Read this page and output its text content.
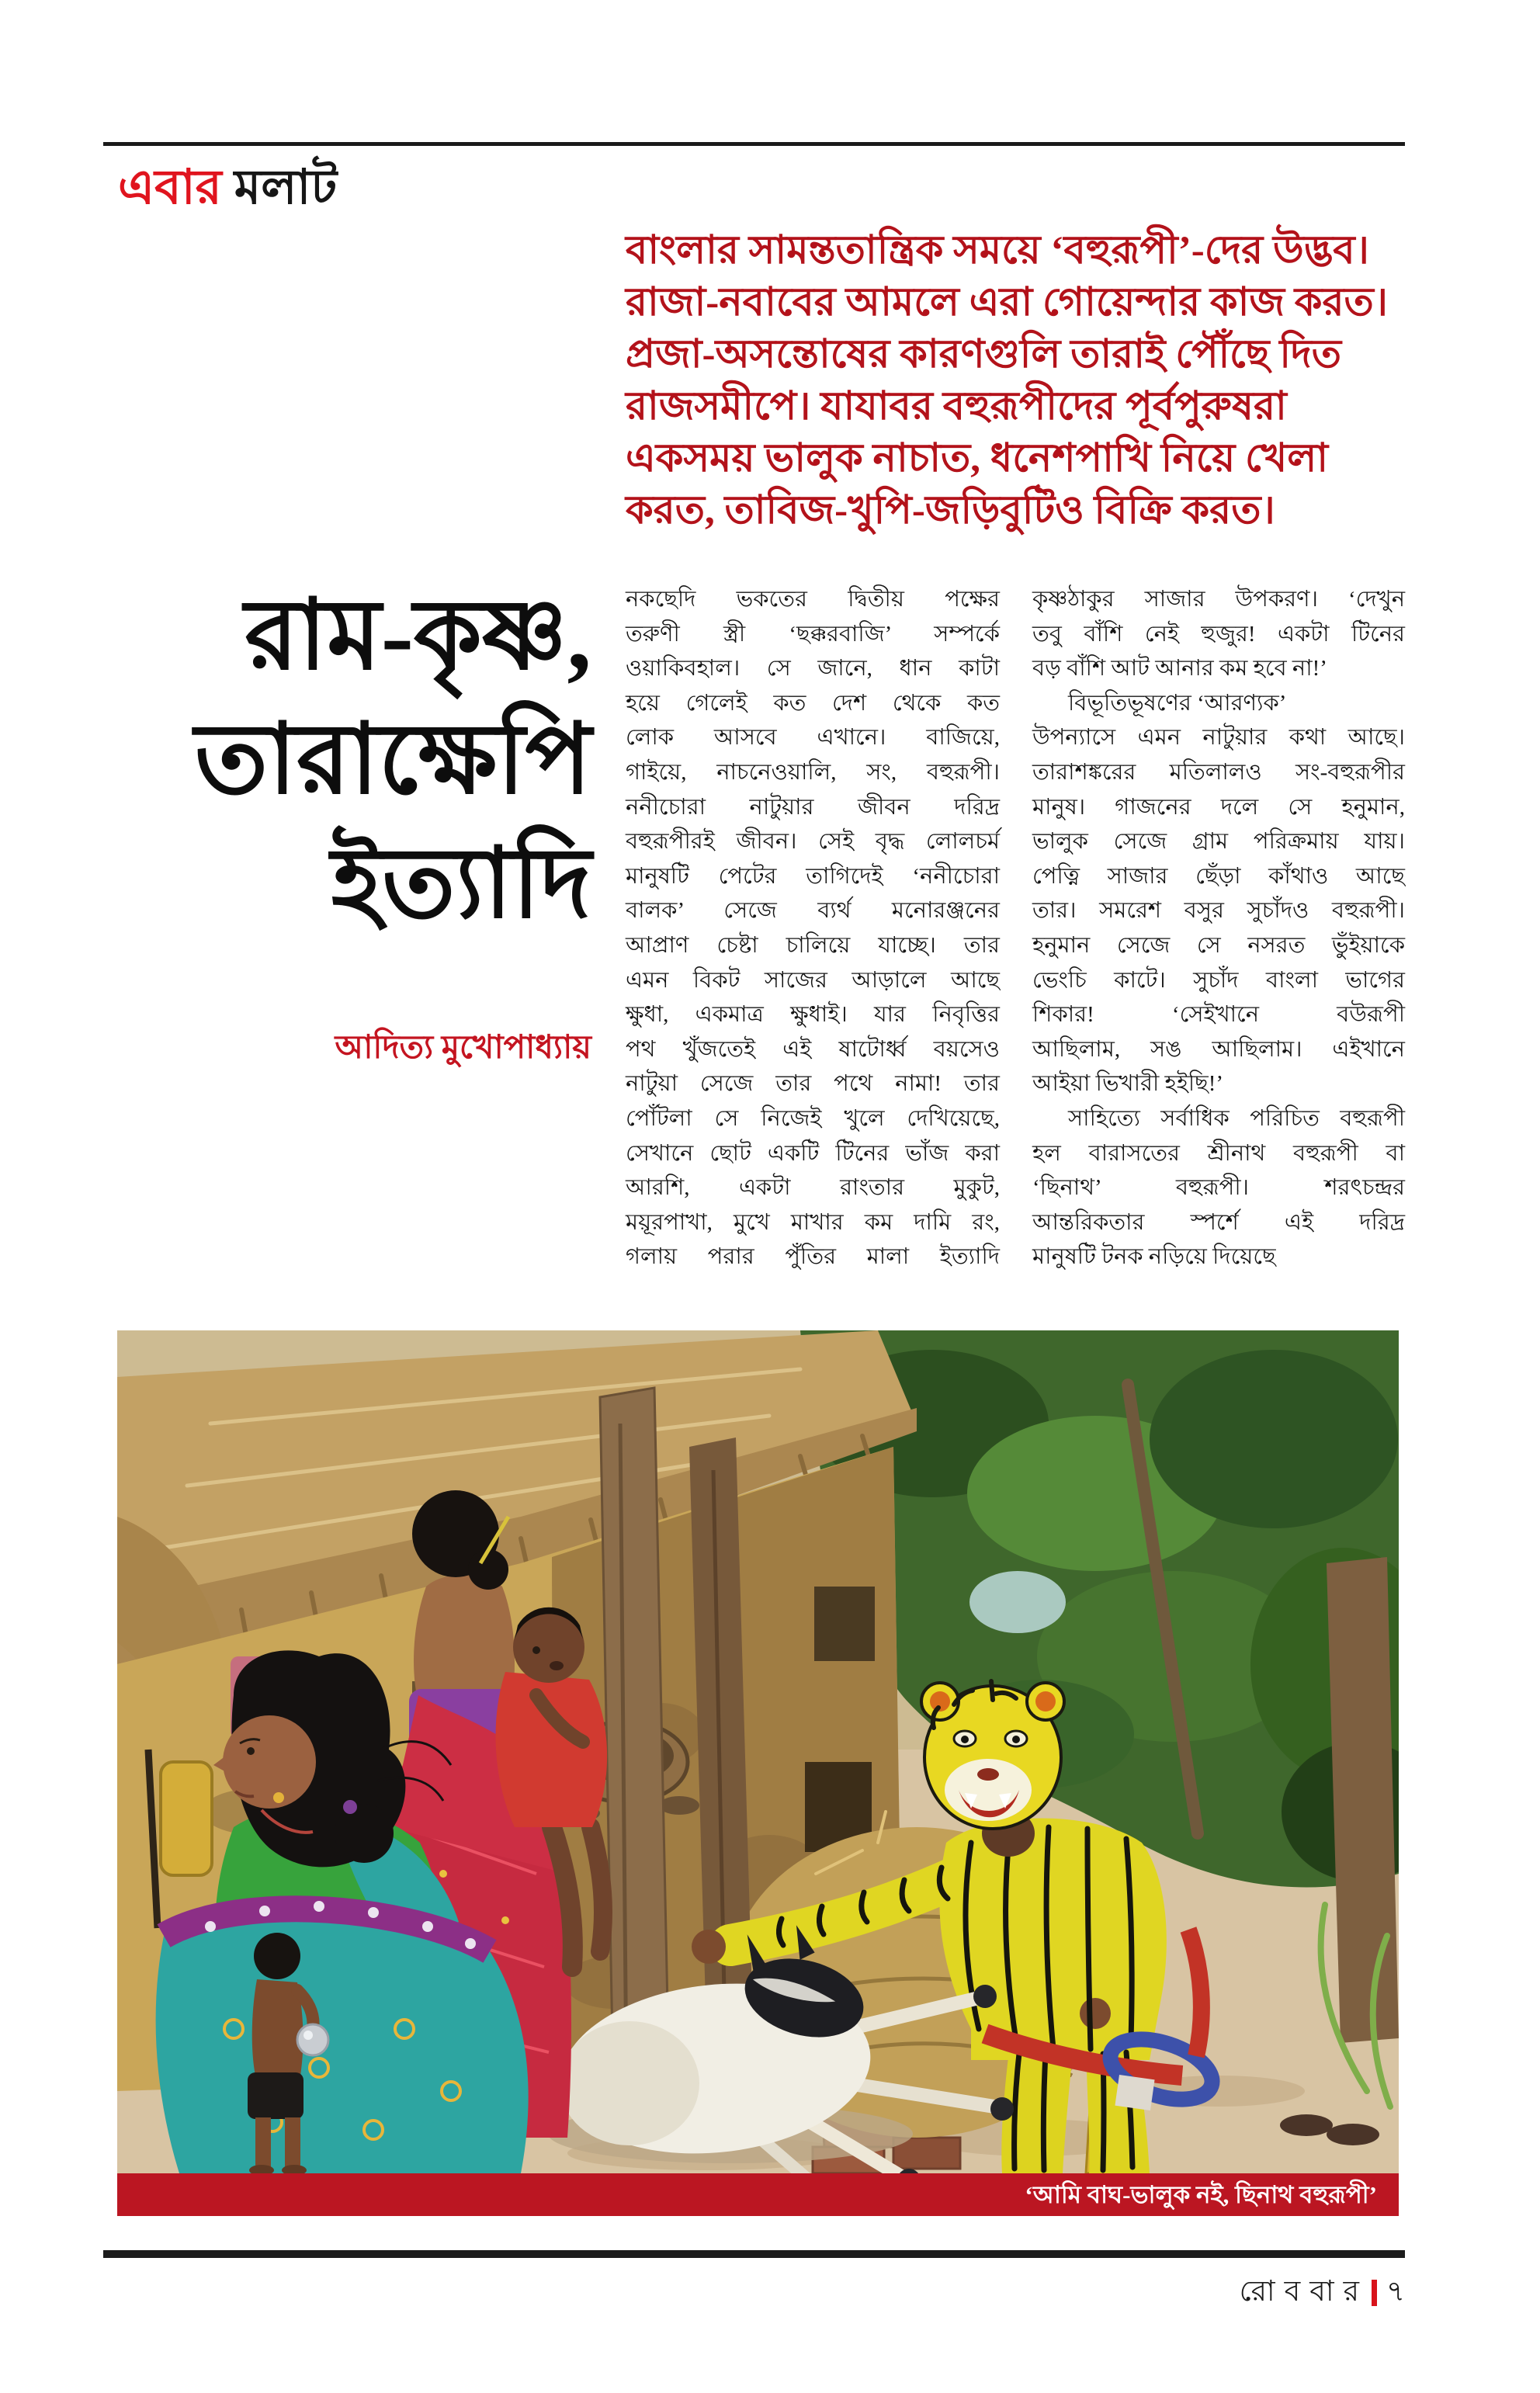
এবার মলাট
বাংলার সামন্ততান্ত্রিক সময়ে ‘বহুরূপী’-দের উদ্ভব।
রাজা-নবাবের আমলে এরা গোয়েন্দার কাজ করত।
প্রজা-অসন্তোষের কারণগুলি তারাই পৌঁছে দিত
রাজসমীপে। যাযাবর বহুরূপীদের পূর্বপুরুষরা
একসময় ভালুক নাচাত, ধনেশপাখি নিয়ে খেলা
করত, তাবিজ-খুপি-জড়িবুটিও বিক্রি করত।
রাম-কৃষ্ণ,
তারাক্ষেপি
ইত্যাদি
আদিত্য মুখোপাধ্যায়
নকছেদি ভকতের দ্বিতীয় পক্ষের
তরুণী স্ত্রী ‘ছক্করবাজি’ সম্পর্কে
ওয়াকিবহাল। সে জানে, ধান কাটা
হয়ে গেলেই কত দেশ থেকে কত
লোক আসবে এখানে। বাজিয়ে,
গাইয়ে, নাচনেওয়ালি, সং, বহুরূপী।
ননীচোরা নাটুয়ার জীবন দরিদ্র
বহুরূপীরই জীবন। সেই বৃদ্ধ লোলচর্ম
মানুষটি পেটের তাগিদেই ‘ননীচোরা
বালক’ সেজে ব্যর্থ মনোরঞ্জনের
আপ্রাণ চেষ্টা চালিয়ে যাচ্ছে। তার
এমন বিকট সাজের আড়ালে আছে
ক্ষুধা, একমাত্র ক্ষুধাই। যার নিবৃত্তির
পথ খুঁজতেই এই ষাটোর্ধ্ব বয়সেও
নাটুয়া সেজে তার পথে নামা! তার
পোঁটলা সে নিজেই খুলে দেখিয়েছে,
সেখানে ছোট একটি টিনের ভাঁজ করা
আরশি, একটা রাংতার মুকুট,
ময়ূরপাখা, মুখে মাখার কম দামি রং,
গলায় পরার পুঁতির মালা ইত্যাদি
কৃষ্ণঠাকুর সাজার উপকরণ। ‘দেখুন
তবু বাঁশি নেই হুজুর! একটা টিনের
বড় বাঁশি আট আনার কম হবে না!’
বিভূতিভূষণের ‘আরণ্যক’
উপন্যাসে এমন নাটুয়ার কথা আছে।
তারাশঙ্করের মতিলালও সং-বহুরূপীর
মানুষ। গাজনের দলে সে হনুমান,
ভালুক সেজে গ্রাম পরিক্রমায় যায়।
পেত্নি সাজার ছেঁড়া কাঁথাও আছে
তার। সমরেশ বসুর সুচাঁদও বহুরূপী।
হনুমান সেজে সে নসরত ভুঁইয়াকে
ভেংচি কাটে। সুচাঁদ বাংলা ভাগের
শিকার! ‘সেইখানে বউরূপী
আছিলাম, সঙ আছিলাম। এইখানে
আইয়া ভিখারী হইছি!’
সাহিত্যে সর্বাধিক পরিচিত বহুরূপী
হল বারাসতের শ্রীনাথ বহুরূপী বা
‘ছিনাথ’ বহুরূপী। শরৎচন্দ্রর
আন্তরিকতার স্পর্শে এই দরিদ্র
মানুষটি টনক নড়িয়ে দিয়েছে
‘আমি বাঘ-ভালুক নই, ছিনাথ বহুরূপী’
রোববার ৭
